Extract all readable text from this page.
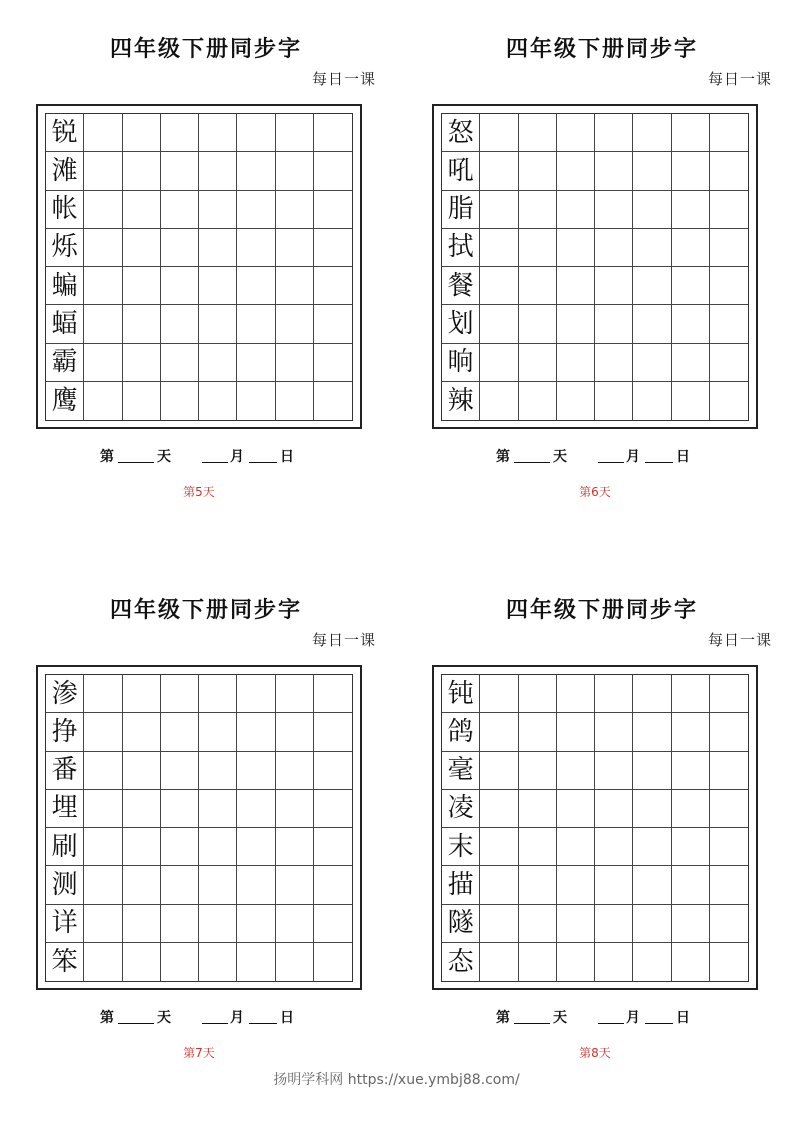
四年级下册同步字
每日一课
锐
滩
帐
烁
蝙
蝠
霸
鹰
第	天	月	日
第5天
四年级下册同步字
每日一课
怒
吼
脂
拭
餐
划
晌
辣
第	天	月	日
第6天
四年级下册同步字
每日一课
渗
挣
番
埋
刷
测
详
笨
第	天	月	日
第7天
四年级下册同步字
每日一课
钝
鸽
毫
凌
末
描
隧
态
第	天	月	日
第8天
扬明学科网 https://xue.ymbj88.com/
